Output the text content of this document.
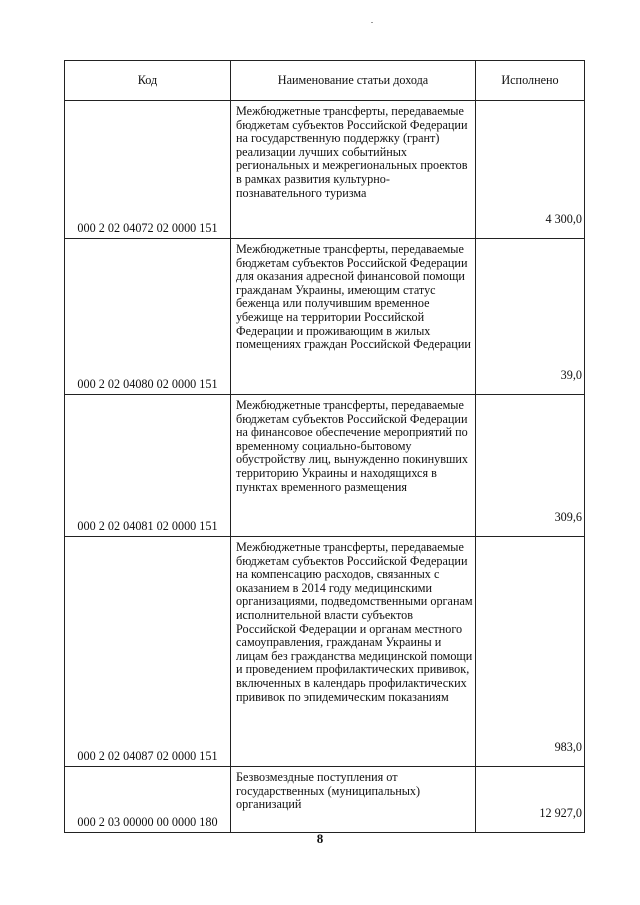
Код	Наименование статьи дохода	Исполнено
000 2 02 04072 02 0000 151	Межбюджетные трансферты, передаваемые бюджетам субъектов Российской Федерации на государственную поддержку (грант) реализации лучших событийных региональных и межрегиональных проектов в рамках развития культурно-познавательного туризма	4 300,0
000 2 02 04080 02 0000 151	Межбюджетные трансферты, передаваемые бюджетам субъектов Российской Федерации для оказания адресной финансовой помощи гражданам Украины, имеющим статус беженца или получившим временное убежище на территории Российской Федерации и проживающим в жилых помещениях граждан Российской Федерации	39,0
000 2 02 04081 02 0000 151	Межбюджетные трансферты, передаваемые бюджетам субъектов Российской Федерации на финансовое обеспечение мероприятий по временному социально-бытовому обустройству лиц, вынужденно покинувших территорию Украины и находящихся в пунктах временного размещения	309,6
000 2 02 04087 02 0000 151	Межбюджетные трансферты, передаваемые бюджетам субъектов Российской Федерации на компенсацию расходов, связанных с оказанием в 2014 году медицинскими организациями, подведомственными органам исполнительной власти субъектов Российской Федерации и органам местного самоуправления, гражданам Украины и лицам без гражданства медицинской помощи и проведением профилактических прививок, включенных в календарь профилактических прививок по эпидемическим показаниям	983,0
000 2 03 00000 00 0000 180	Безвозмездные поступления от государственных (муниципальных) организаций	12 927,0
8
